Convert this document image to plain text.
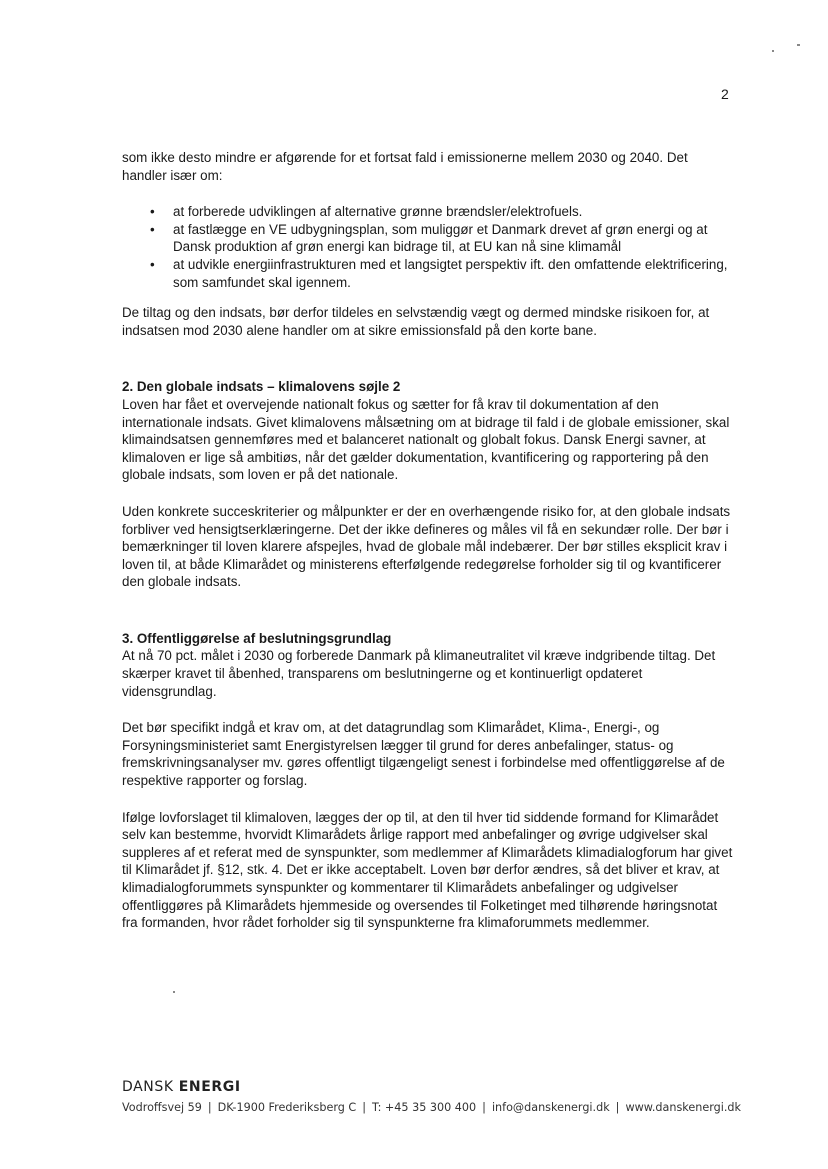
2

som ikke desto mindre er afgørende for et fortsat fald i emissionerne mellem 2030 og 2040. Det handler især om:

• at forberede udviklingen af alternative grønne brændsler/elektrofuels.
• at fastlægge en VE udbygningsplan, som muliggør et Danmark drevet af grøn energi og at Dansk produktion af grøn energi kan bidrage til, at EU kan nå sine klimamål
• at udvikle energiinfrastrukturen med et langsigtet perspektiv ift. den omfattende elektrificering, som samfundet skal igennem.

De tiltag og den indsats, bør derfor tildeles en selvstændig vægt og dermed mindske risikoen for, at indsatsen mod 2030 alene handler om at sikre emissionsfald på den korte bane.

2. Den globale indsats – klimalovens søjle 2

Loven har fået et overvejende nationalt fokus og sætter for få krav til dokumentation af den internationale indsats. Givet klimalovens målsætning om at bidrage til fald i de globale emissioner, skal klimaindsatsen gennemføres med et balanceret nationalt og globalt fokus. Dansk Energi savner, at klimaloven er lige så ambitiøs, når det gælder dokumentation, kvantificering og rapportering på den globale indsats, som loven er på det nationale.

Uden konkrete succeskriterier og målpunkter er der en overhængende risiko for, at den globale indsats forbliver ved hensigtserklæringerne. Det der ikke defineres og måles vil få en sekundær rolle. Der bør i bemærkninger til loven klarere afspejles, hvad de globale mål indebærer. Der bør stilles eksplicit krav i loven til, at både Klimarådet og ministerens efterfølgende redegørelse forholder sig til og kvantificerer den globale indsats.

3. Offentliggørelse af beslutningsgrundlag

At nå 70 pct. målet i 2030 og forberede Danmark på klimaneutralitet vil kræve indgribende tiltag. Det skærper kravet til åbenhed, transparens om beslutningerne og et kontinuerligt opdateret vidensgrundlag.

Det bør specifikt indgå et krav om, at det datagrundlag som Klimarådet, Klima-, Energi-, og Forsyningsministeriet samt Energistyrelsen lægger til grund for deres anbefalinger, status- og fremskrivningsanalyser mv. gøres offentligt tilgængeligt senest i forbindelse med offentliggørelse af de respektive rapporter og forslag.

Ifølge lovforslaget til klimaloven, lægges der op til, at den til hver tid siddende formand for Klimarådet selv kan bestemme, hvorvidt Klimarådets årlige rapport med anbefalinger og øvrige udgivelser skal suppleres af et referat med de synspunkter, som medlemmer af Klimarådets klimadialogforum har givet til Klimarådet jf. §12, stk. 4. Det er ikke acceptabelt. Loven bør derfor ændres, så det bliver et krav, at klimadialogforummets synspunkter og kommentarer til Klimarådets anbefalinger og udgivelser offentliggøres på Klimarådets hjemmeside og oversendes til Folketinget med tilhørende høringsnotat fra formanden, hvor rådet forholder sig til synspunkterne fra klimaforummets medlemmer.

DANSK ENERGI
Vodroffsvej 59 | DK-1900 Frederiksberg C | T: +45 35 300 400 | info@danskenergi.dk | www.danskenergi.dk
